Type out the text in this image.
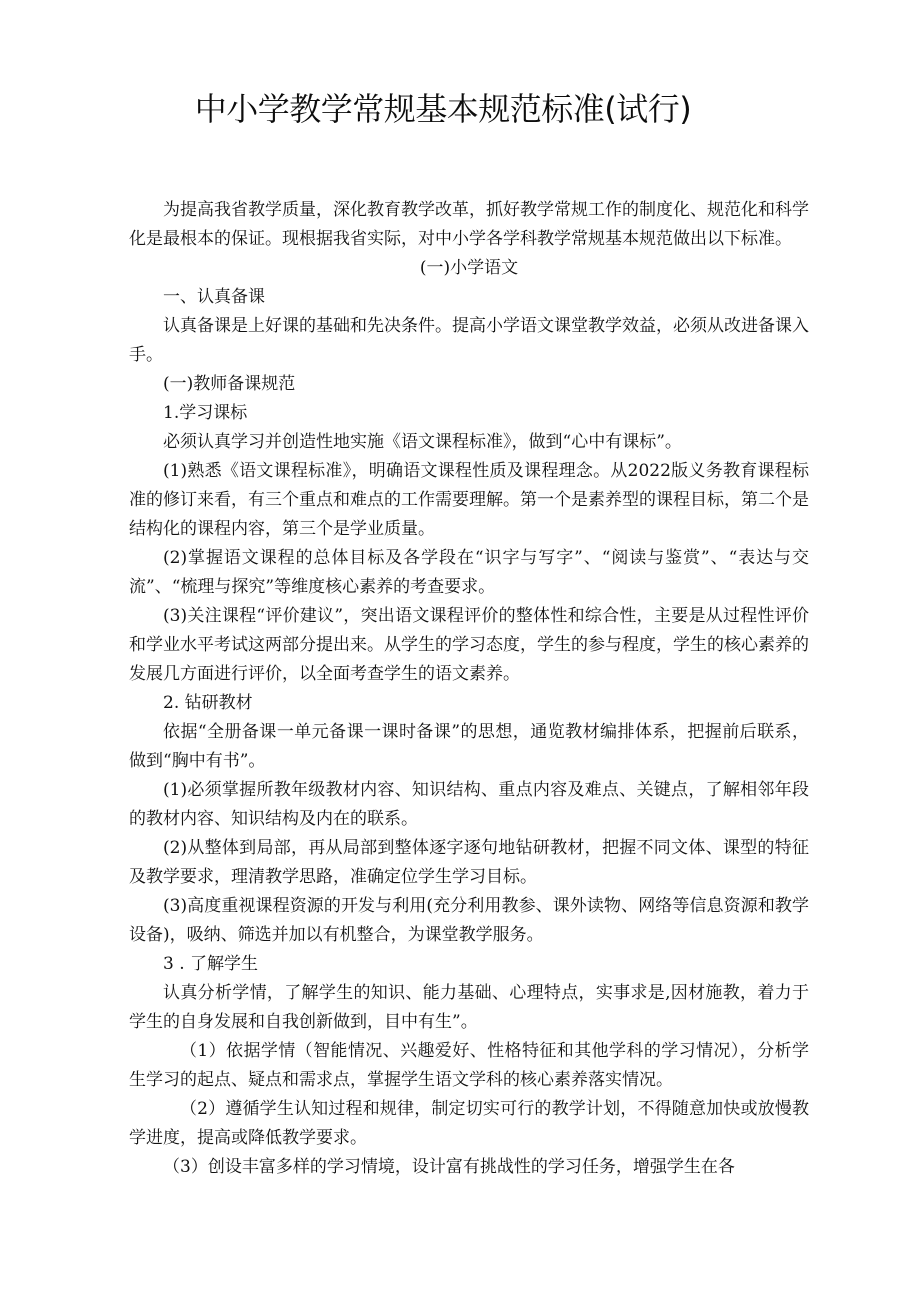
中小学教学常规基本规范标准(试行)

为提高我省教学质量，深化教育教学改革，抓好教学常规工作的制度化、规范化和科学化是最根本的保证。现根据我省实际，对中小学各学科教学常规基本规范做出以下标准。

(一)小学语文

一、认真备课

认真备课是上好课的基础和先决条件。提高小学语文课堂教学效益，必须从改进备课入手。

(一)教师备课规范

1.学习课标

必须认真学习并创造性地实施《语文课程标准》，做到“心中有课标”。

(1)熟悉《语文课程标准》，明确语文课程性质及课程理念。从2022版义务教育课程标准的修订来看，有三个重点和难点的工作需要理解。第一个是素养型的课程目标，第二个是结构化的课程内容，第三个是学业质量。

(2)掌握语文课程的总体目标及各学段在“识字与写字”、“阅读与鉴赏”、“表达与交流”、“梳理与探究”等维度核心素养的考查要求。

(3)关注课程“评价建议”，突出语文课程评价的整体性和综合性，主要是从过程性评价和学业水平考试这两部分提出来。从学生的学习态度，学生的参与程度，学生的核心素养的发展几方面进行评价，以全面考查学生的语文素养。

2. 钻研教材

依据“全册备课一单元备课一课时备课”的思想，通览教材编排体系，把握前后联系，做到“胸中有书”。

(1)必须掌握所教年级教材内容、知识结构、重点内容及难点、关键点，了解相邻年段的教材内容、知识结构及内在的联系。

(2)从整体到局部，再从局部到整体逐字逐句地钻研教材，把握不同文体、课型的特征及教学要求，理清教学思路，准确定位学生学习目标。

(3)高度重视课程资源的开发与利用(充分利用教参、课外读物、网络等信息资源和教学设备)，吸纳、筛选并加以有机整合，为课堂教学服务。

3 . 了解学生

认真分析学情，了解学生的知识、能力基础、心理特点，实事求是,因材施教，着力于学生的自身发展和自我创新做到，目中有生”。

（1）依据学情（智能情况、兴趣爱好、性格特征和其他学科的学习情况），分析学生学习的起点、疑点和需求点，掌握学生语文学科的核心素养落实情况。

（2）遵循学生认知过程和规律，制定切实可行的教学计划，不得随意加快或放慢教学进度，提高或降低教学要求。

（3）创设丰富多样的学习情境，设计富有挑战性的学习任务，增强学生在各
